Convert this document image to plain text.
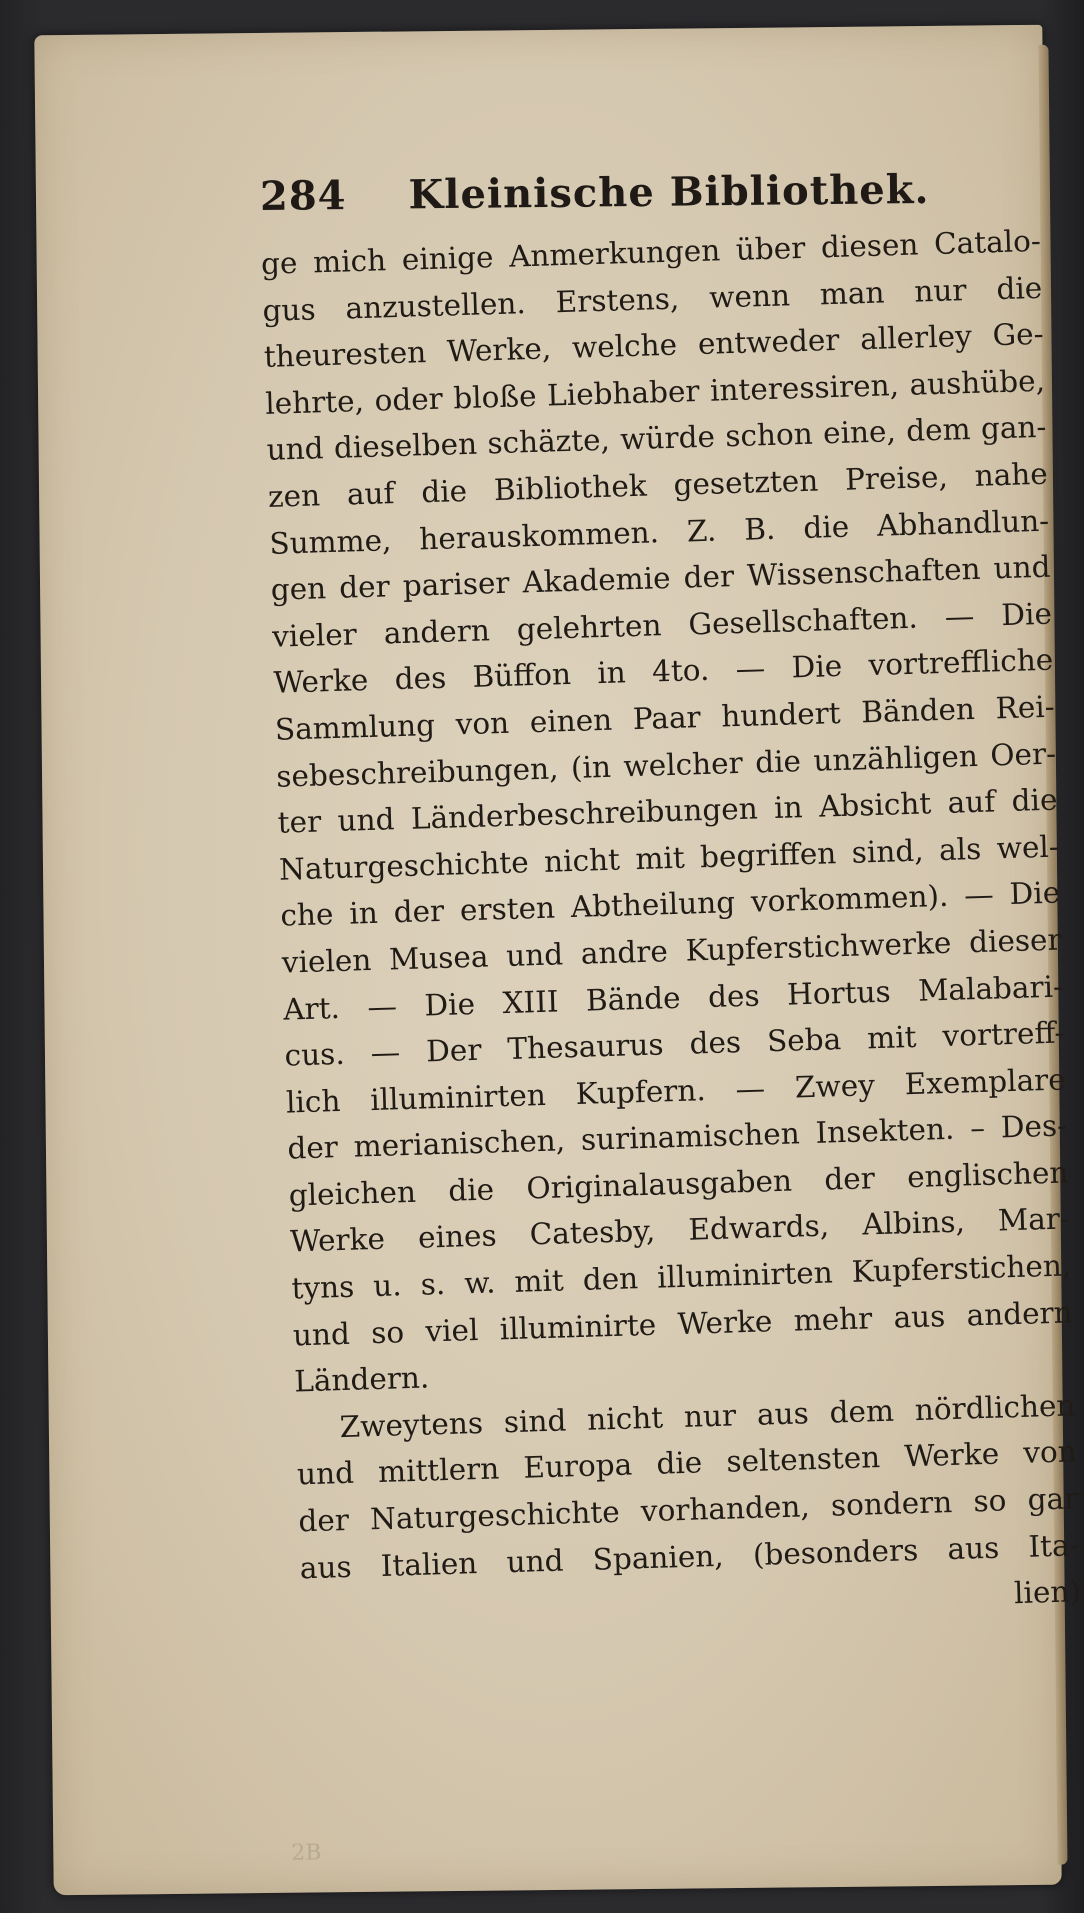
284 Kleinische Bibliothek.
ge mich einige Anmerkungen über diesen Catalo-
gus anzustellen. Erstens, wenn man nur die
theuresten Werke, welche entweder allerley Ge-
lehrte, oder bloße Liebhaber interessiren, aushübe,
und dieselben schäzte, würde schon eine, dem gan-
zen auf die Bibliothek gesetzten Preise, nahe
Summe, herauskommen. Z. B. die Abhandlun-
gen der pariser Akademie der Wissenschaften und
vieler andern gelehrten Gesellschaften. — Die
Werke des Büffon in 4to. — Die vortreffliche
Sammlung von einen Paar hundert Bänden Rei-
sebeschreibungen, (in welcher die unzähligen Oer-
ter und Länderbeschreibungen in Absicht auf die
Naturgeschichte nicht mit begriffen sind, als wel-
che in der ersten Abtheilung vorkommen). — Die
vielen Musea und andre Kupferstichwerke dieser
Art. — Die XIII Bände des Hortus Malabari-
cus. — Der Thesaurus des Seba mit vortreff-
lich illuminirten Kupfern. — Zwey Exemplare
der merianischen, surinamischen Insekten. – Des-
gleichen die Originalausgaben der englischen
Werke eines Catesby, Edwards, Albins, Mar-
tyns u. s. w. mit den illuminirten Kupferstichen,
und so viel illuminirte Werke mehr aus andern
Ländern.
Zweytens sind nicht nur aus dem nördlichen
und mittlern Europa die seltensten Werke von
der Naturgeschichte vorhanden, sondern so gar
aus Italien und Spanien, (besonders aus Ita-
lien)
2B
